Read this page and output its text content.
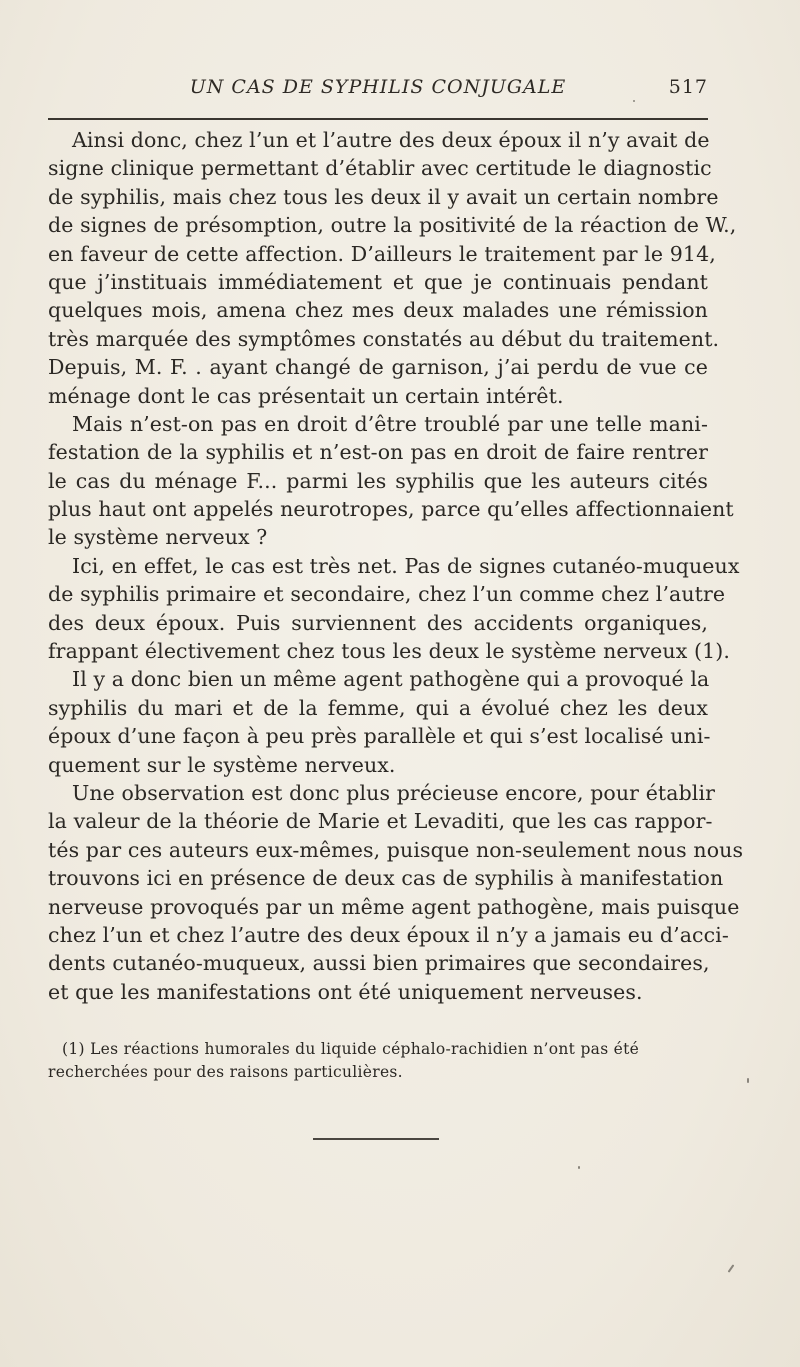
UN CAS DE SYPHILIS CONJUGALE	517
Ainsi donc, chez l’un et l’autre des deux époux il n’y avait de
signe clinique permettant d’établir avec certitude le diagnostic
de syphilis, mais chez tous les deux il y avait un certain nombre
de signes de présomption, outre la positivité de la réaction de W.,
en faveur de cette affection. D’ailleurs le traitement par le 914,
que j’instituais immédiatement et que je continuais pendant
quelques mois, amena chez mes deux malades une rémission
très marquée des symptômes constatés au début du traitement.
Depuis, M. F. . ayant changé de garnison, j’ai perdu de vue ce
ménage dont le cas présentait un certain intérêt.
Mais n’est-on pas en droit d’être troublé par une telle mani-
festation de la syphilis et n’est-on pas en droit de faire rentrer
le cas du ménage F... parmi les syphilis que les auteurs cités
plus haut ont appelés neurotropes, parce qu’elles affectionnaient
le système nerveux ?
Ici, en effet, le cas est très net. Pas de signes cutanéo-muqueux
de syphilis primaire et secondaire, chez l’un comme chez l’autre
des deux époux. Puis surviennent des accidents organiques,
frappant électivement chez tous les deux le système nerveux (1).
Il y a donc bien un même agent pathogène qui a provoqué la
syphilis du mari et de la femme, qui a évolué chez les deux
époux d’une façon à peu près parallèle et qui s’est localisé uni-
quement sur le système nerveux.
Une observation est donc plus précieuse encore, pour établir
la valeur de la théorie de Marie et Levaditi, que les cas rappor-
tés par ces auteurs eux-mêmes, puisque non-seulement nous nous
trouvons ici en présence de deux cas de syphilis à manifestation
nerveuse provoqués par un même agent pathogène, mais puisque
chez l’un et chez l’autre des deux époux il n’y a jamais eu d’acci-
dents cutanéo-muqueux, aussi bien primaires que secondaires,
et que les manifestations ont été uniquement nerveuses.
(1) Les réactions humorales du liquide céphalo-rachidien n’ont pas été
recherchées pour des raisons particulières.
